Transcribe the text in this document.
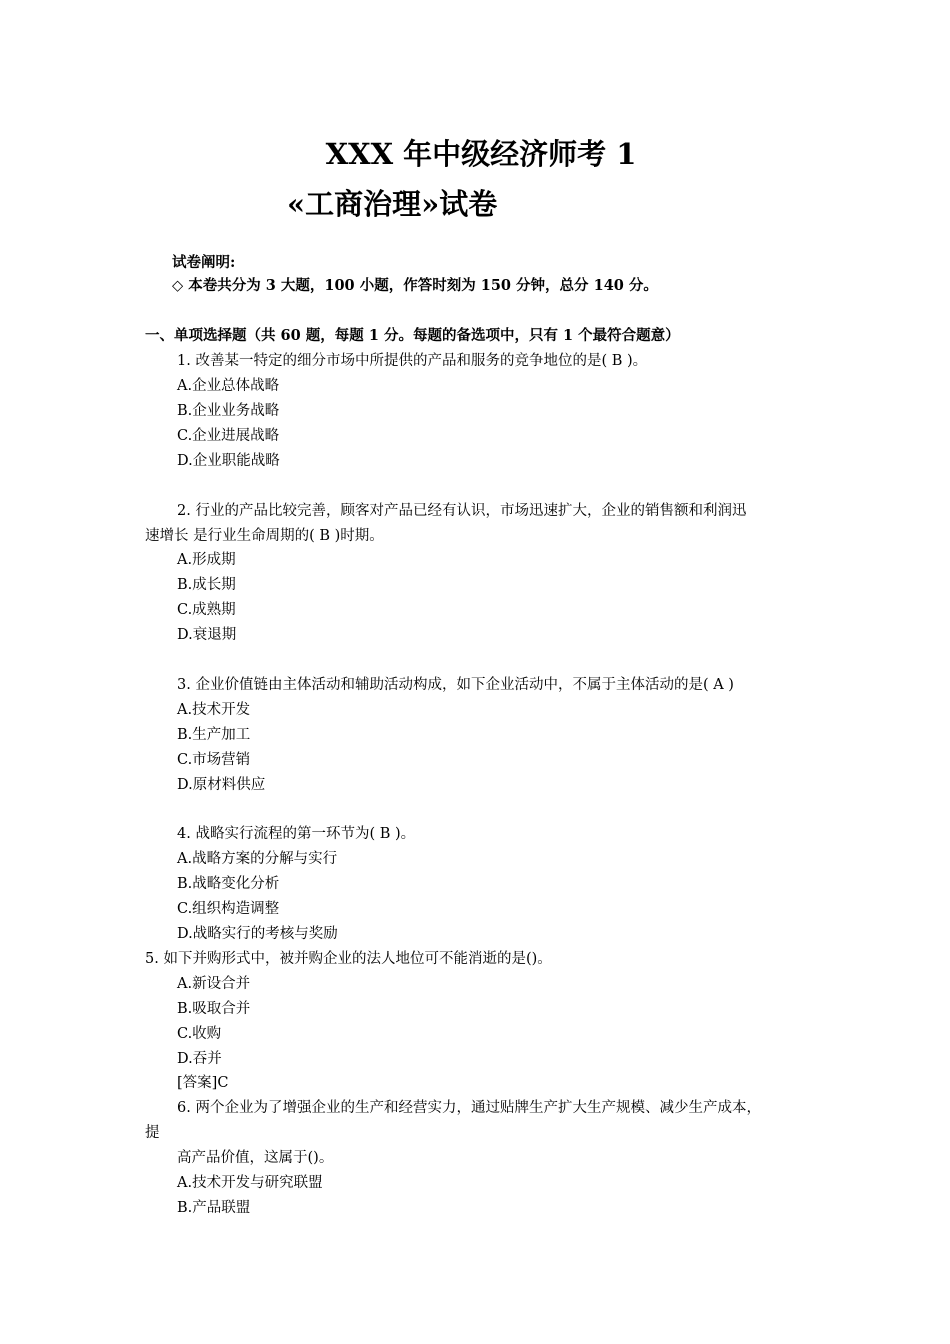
XXX 年中级经济师考 1
«工商治理»试卷
试卷阐明:
◇ 本卷共分为 3 大题，100 小题，作答时刻为 150 分钟，总分 140 分。
一、单项选择题（共 60 题，每题 1 分。每题的备选项中，只有 1 个最符合题意）
1. 改善某一特定的细分市场中所提供的产品和服务的竞争地位的是( B )。
A.企业总体战略
B.企业业务战略
C.企业进展战略
D.企业职能战略
2. 行业的产品比较完善，顾客对产品已经有认识，市场迅速扩大，企业的销售额和利润迅
速增长 是行业生命周期的( B )时期。
A.形成期
B.成长期
C.成熟期
D.衰退期
3. 企业价值链由主体活动和辅助活动构成，如下企业活动中，不属于主体活动的是( A )
A.技术开发
B.生产加工
C.市场营销
D.原材料供应
4. 战略实行流程的第一环节为( B )。
A.战略方案的分解与实行
B.战略变化分析
C.组织构造调整
D.战略实行的考核与奖励
5. 如下并购形式中，被并购企业的法人地位可不能消逝的是()。
A.新设合并
B.吸取合并
C.收购
D.吞并
[答案]C
6. 两个企业为了增强企业的生产和经营实力，通过贴牌生产扩大生产规模、减少生产成本，
提
高产品价值，这属于()。
A.技术开发与研究联盟
B.产品联盟
